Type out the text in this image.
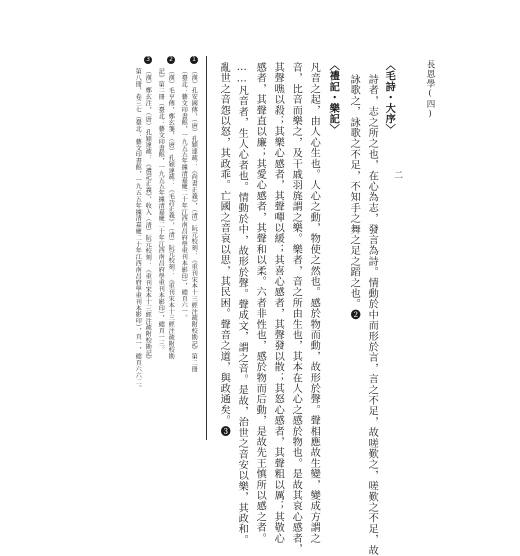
長恩學(四)
二
〈毛詩・大序〉
詩者，志之所之也，在心為志，發言為詩。情動於中而形於言，言之不足，故嗟歎之，嗟歎之不足，故
詠歌之，詠歌之不足，不知手之舞之足之蹈之也。❷
〈禮記・樂記〉
凡音之起，由人心生也。人心之動，物使之然也。感於物而動，故形於聲。聲相應故生變，變成方謂之
音，比音而樂之，及干戚羽旄謂之樂。樂者，音之所由生也，其本在人心之感於物也。是故其哀心感者，
其聲噍以殺；其樂心感者，其聲嘽以緩；其喜心感者，其聲發以散；其怒心感者，其聲粗以厲；其敬心
感者，其聲直以廉；其愛心感者，其聲和以柔。六者非性也，感於物而后動，是故先王慎所以感之者。
……凡音者，生人心者也。情動於中，故形於聲。聲成文，謂之音。是故，治世之音安以樂，其政和。
亂世之音怨以怒，其政乖。亡國之音哀以思，其民困。聲音之道，與政通矣。❸
1
（漢）孔安國傳，（唐）孔穎達疏：《尚書正義》，（清）阮元校刻：《重刊宋本十三經注疏附校勘記》第二冊
（臺北：藝文印書館，一九五五年據清嘉慶二十年江西南昌府學重刊本影印），總頁六一。
2
（漢）毛亨傳，鄭玄箋，（唐）孔穎達疏：《毛詩正義》，（清）阮元校刻：《重刊宋本十三經注疏附校勘
記》第二冊（臺北：藝文印書館，一九五五年據清嘉慶二十年江西南昌府學重刊本影印），總頁一三。
3
（漢）鄭玄注，（唐）孔穎達疏：《禮記正義》，收入（清）阮元校刻：《重刊宋本十三經注疏附校勘記》
第八冊，卷三七（臺北：藝文印書館，一九五五年據清嘉慶二十年江西南昌府學重刊本影印），頁一，總頁六六二。
